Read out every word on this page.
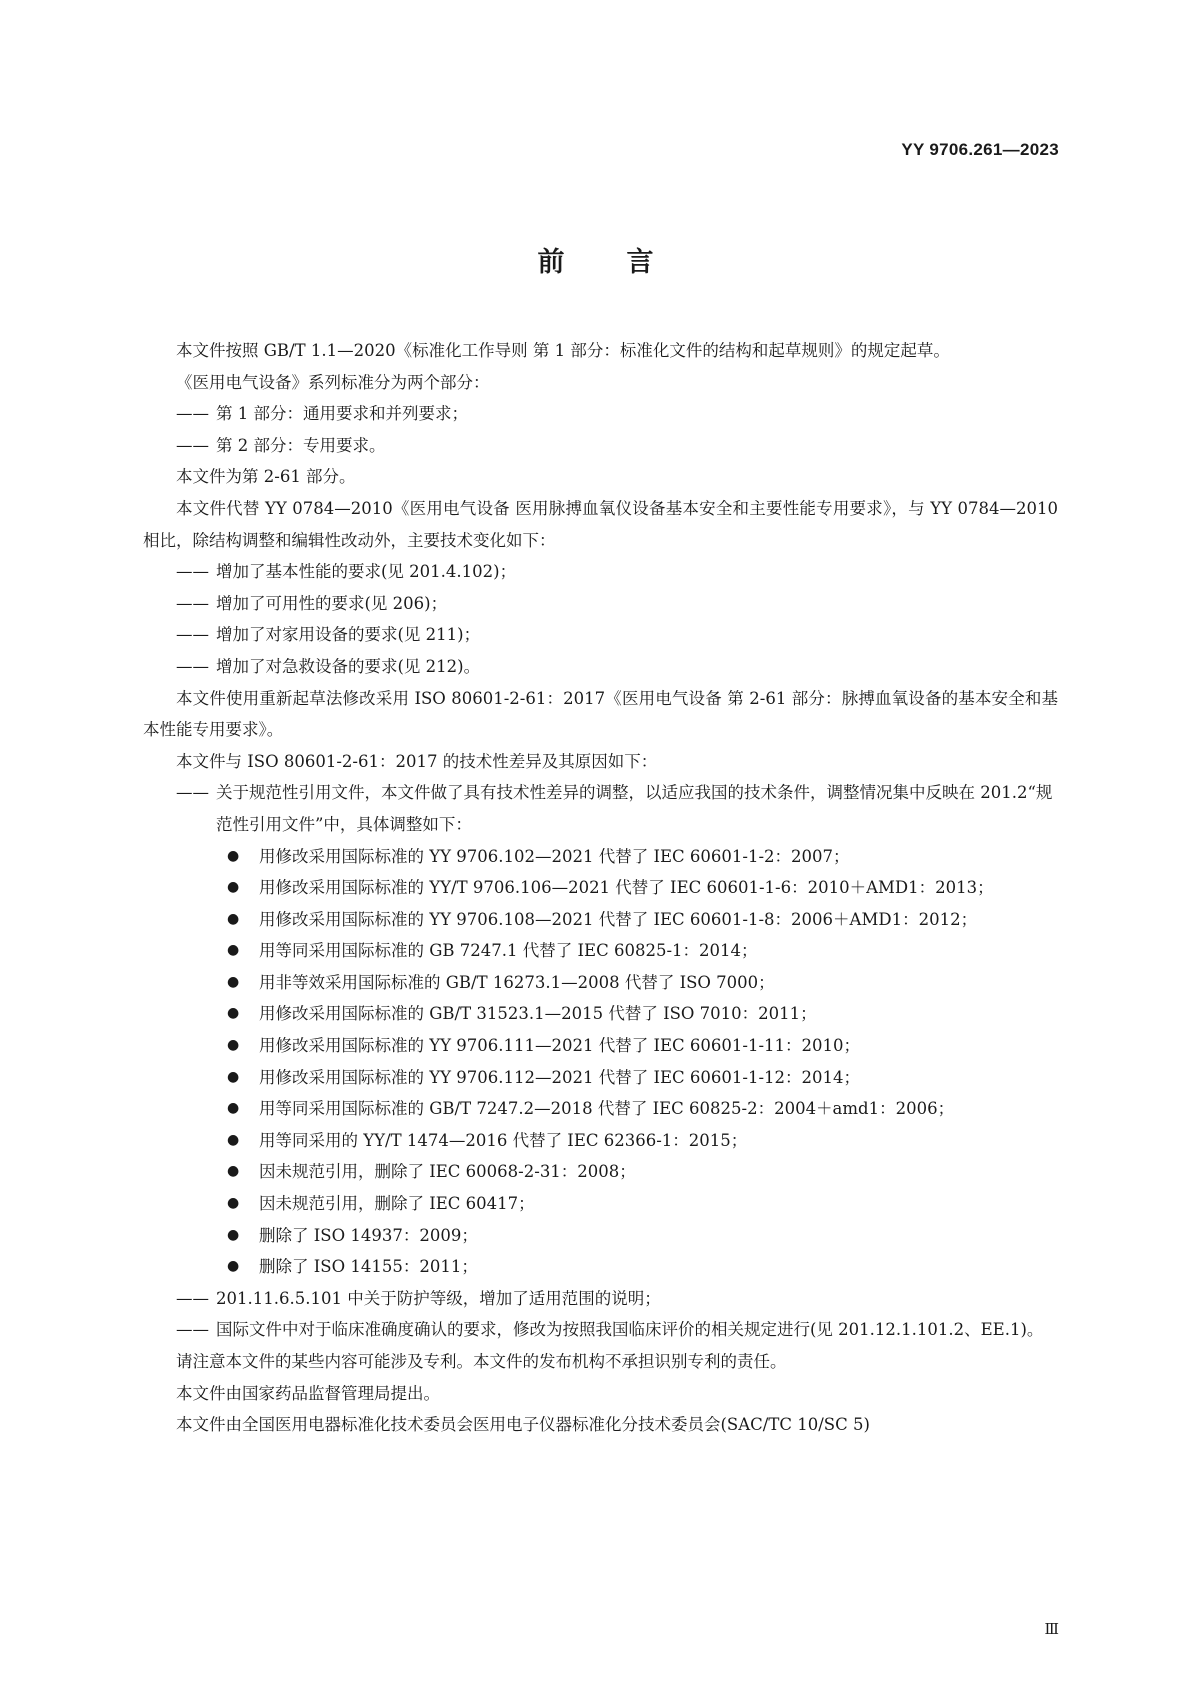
YY 9706.261—2023
前言
本文件按照 GB/T 1.1—2020《标准化工作导则 第 1 部分：标准化文件的结构和起草规则》的规定起草。
《医用电气设备》系列标准分为两个部分：
—— 第 1 部分：通用要求和并列要求；
—— 第 2 部分：专用要求。
本文件为第 2-61 部分。
本文件代替 YY 0784—2010《医用电气设备 医用脉搏血氧仪设备基本安全和主要性能专用要求》，与 YY 0784—2010 相比，除结构调整和编辑性改动外，主要技术变化如下：
—— 增加了基本性能的要求(见 201.4.102)；
—— 增加了可用性的要求(见 206)；
—— 增加了对家用设备的要求(见 211)；
—— 增加了对急救设备的要求(见 212)。
本文件使用重新起草法修改采用 ISO 80601-2-61：2017《医用电气设备 第 2-61 部分：脉搏血氧设备的基本安全和基本性能专用要求》。
本文件与 ISO 80601-2-61：2017 的技术性差异及其原因如下：
—— 关于规范性引用文件，本文件做了具有技术性差异的调整，以适应我国的技术条件，调整情况集中反映在 201.2“规范性引用文件”中，具体调整如下：
●	用修改采用国际标准的 YY 9706.102—2021 代替了 IEC 60601-1-2：2007；
●	用修改采用国际标准的 YY/T 9706.106—2021 代替了 IEC 60601-1-6：2010＋AMD1：2013；
●	用修改采用国际标准的 YY 9706.108—2021 代替了 IEC 60601-1-8：2006＋AMD1：2012；
●	用等同采用国际标准的 GB 7247.1 代替了 IEC 60825-1：2014；
●	用非等效采用国际标准的 GB/T 16273.1—2008 代替了 ISO 7000；
●	用修改采用国际标准的 GB/T 31523.1—2015 代替了 ISO 7010：2011；
●	用修改采用国际标准的 YY 9706.111—2021 代替了 IEC 60601-1-11：2010；
●	用修改采用国际标准的 YY 9706.112—2021 代替了 IEC 60601-1-12：2014；
●	用等同采用国际标准的 GB/T 7247.2—2018 代替了 IEC 60825-2：2004＋amd1：2006；
●	用等同采用的 YY/T 1474—2016 代替了 IEC 62366-1：2015；
●	因未规范引用，删除了 IEC 60068-2-31：2008；
●	因未规范引用，删除了 IEC 60417；
●	删除了 ISO 14937：2009；
●	删除了 ISO 14155：2011；
—— 201.11.6.5.101 中关于防护等级，增加了适用范围的说明；
—— 国际文件中对于临床准确度确认的要求，修改为按照我国临床评价的相关规定进行(见 201.12.1.101.2、EE.1)。
请注意本文件的某些内容可能涉及专利。本文件的发布机构不承担识别专利的责任。
本文件由国家药品监督管理局提出。
本文件由全国医用电器标准化技术委员会医用电子仪器标准化分技术委员会(SAC/TC 10/SC 5)
Ⅲ
